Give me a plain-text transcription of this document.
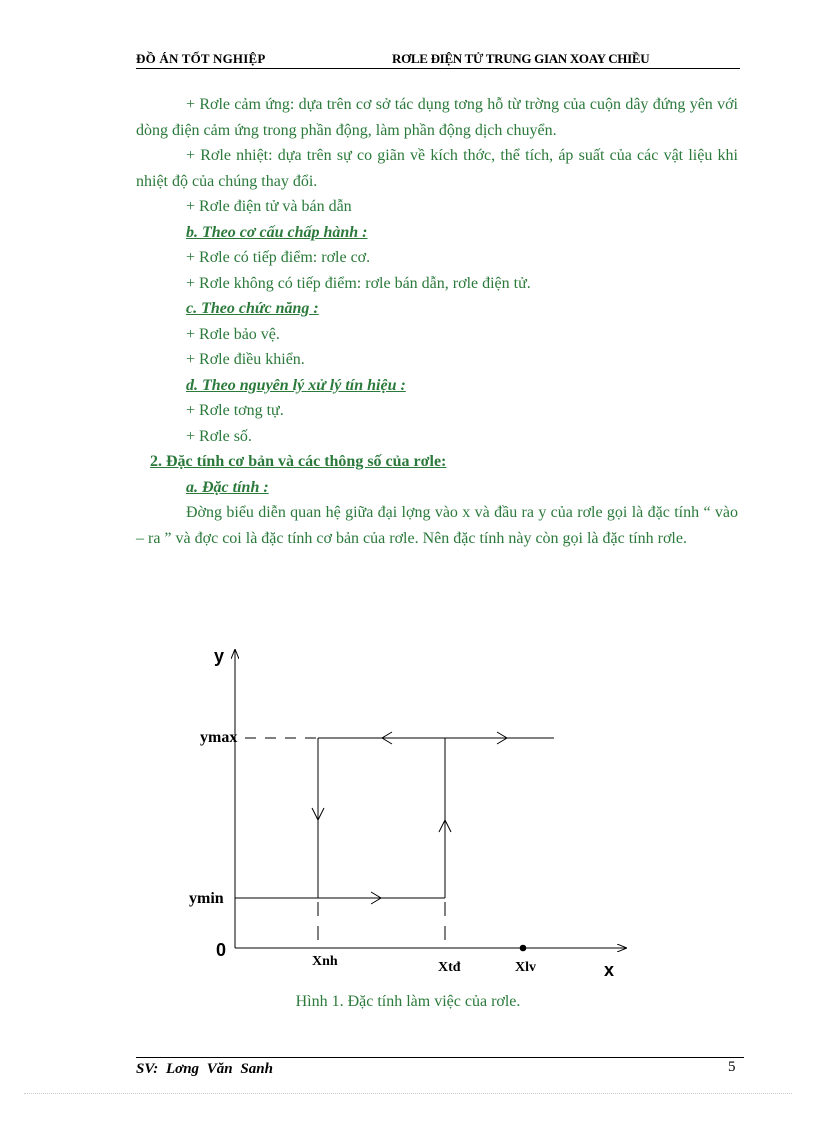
ĐỒ ÁN TỐT NGHIỆP	RƠLE ĐIỆN TỬ TRUNG GIAN XOAY CHIỀU

+ Rơle cảm ứng: dựa trên cơ sở tác dụng tơng hỗ từ trờng của cuộn dây đứng yên với dòng điện cảm ứng trong phần động, làm phần động dịch chuyển.

+ Rơle nhiệt: dựa trên sự co giãn về kích thớc, thể tích, áp suất của các vật liệu khi nhiệt độ của chúng thay đổi.

+ Rơle điện tử và bán dẫn

b. Theo cơ cấu chấp hành :

+ Rơle có tiếp điểm: rơle cơ.

+ Rơle không có tiếp điểm: rơle bán dẫn, rơle điện tử.

c. Theo chức năng :

+ Rơle bảo vệ.

+ Rơle điều khiển.

d. Theo nguyên lý xử lý tín hiệu :

+ Rơle tơng tự.

+ Rơle số.

2. Đặc tính cơ bản và các thông số của rơle:

a. Đặc tính :

Đờng biểu diễn quan hệ giữa đại lợng vào x và đầu ra y của rơle gọi là đặc tính “ vào – ra ” và đợc coi là đặc tính cơ bản của rơle. Nên đặc tính này còn gọi là đặc tính rơle.

y
x
0
ymax
ymin
Xnh	Xtđ	Xlv
Hình 1. Đặc tính làm việc của rơle.
SV: Lơng Văn Sanh	5
